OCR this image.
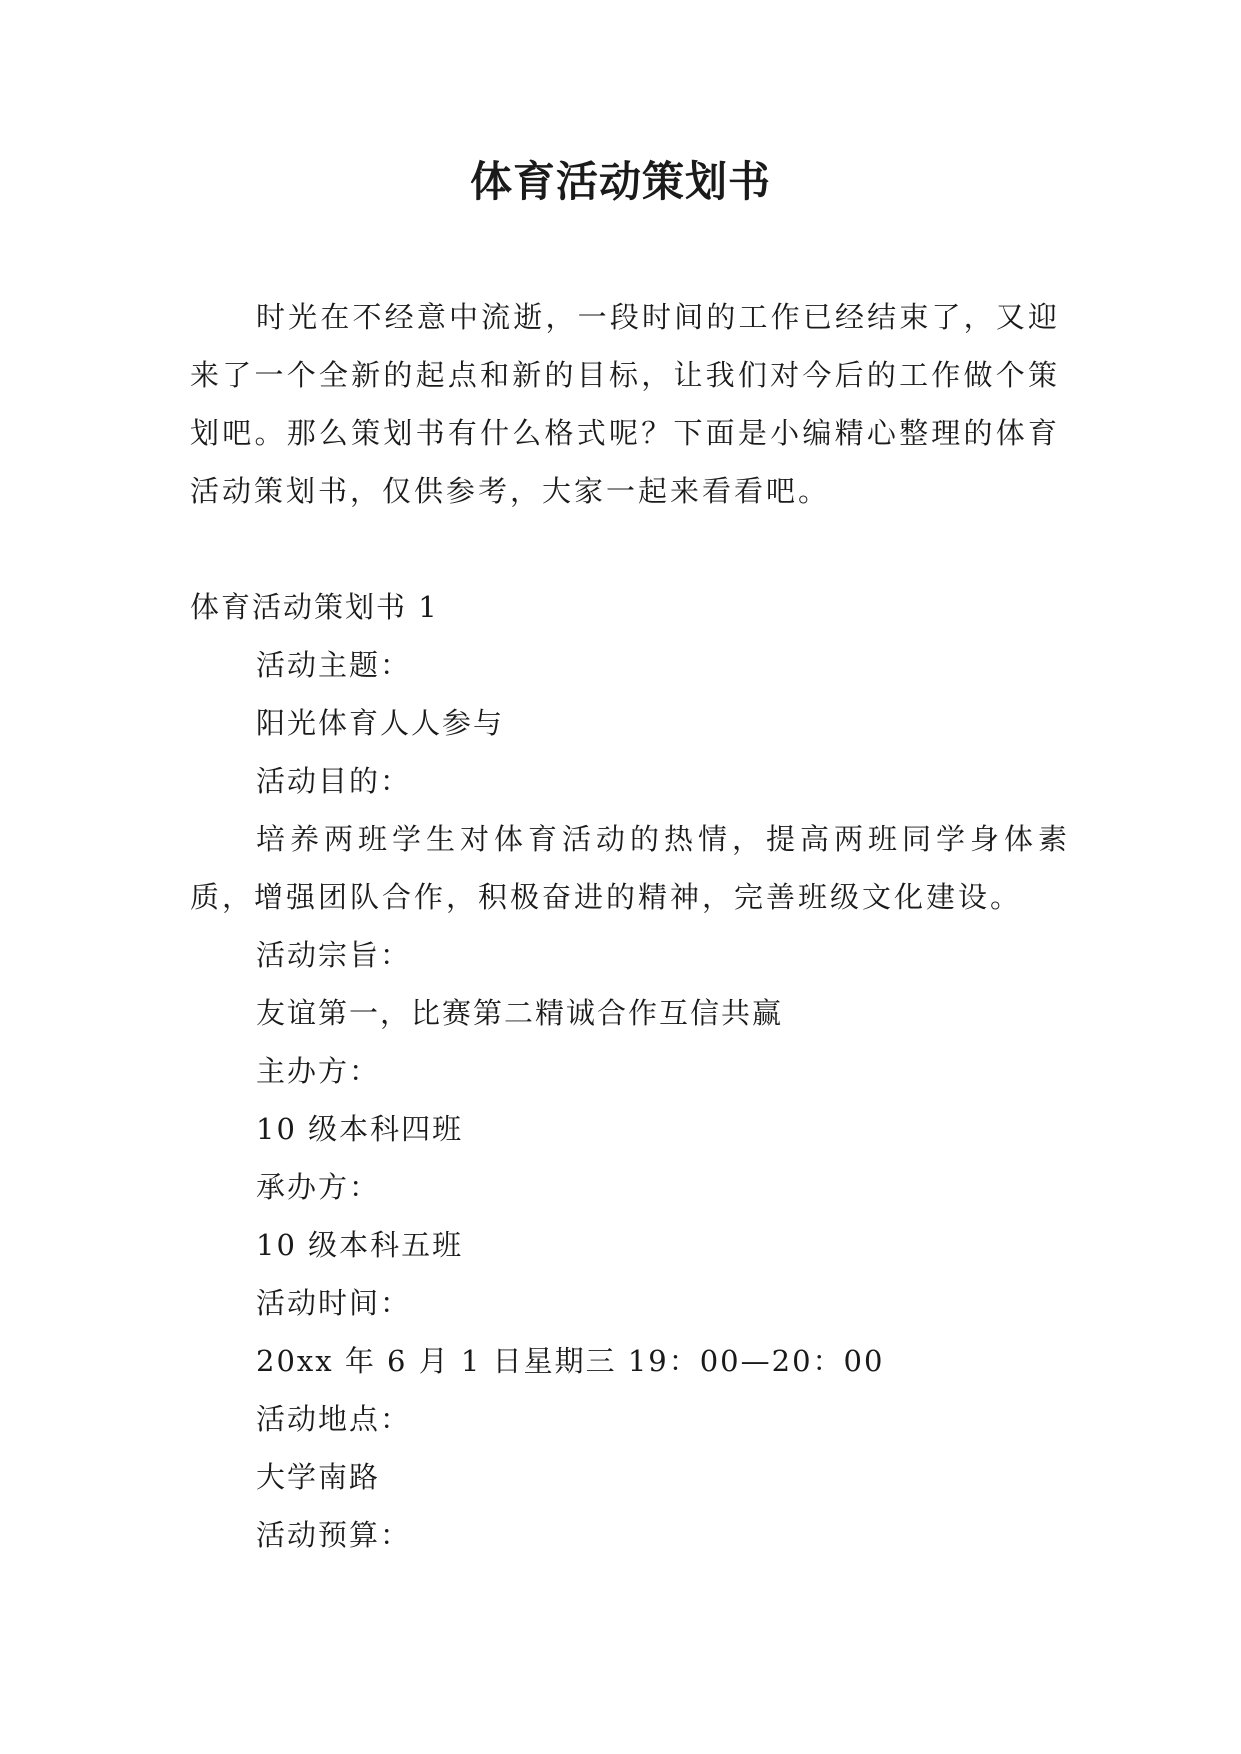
体育活动策划书

时光在不经意中流逝，一段时间的工作已经结束了，又迎来了一个全新的起点和新的目标，让我们对今后的工作做个策划吧。那么策划书有什么格式呢？下面是小编精心整理的体育活动策划书，仅供参考，大家一起来看看吧。

体育活动策划书 1
活动主题：
阳光体育人人参与
活动目的：

培养两班学生对体育活动的热情，提高两班同学身体素质，增强团队合作，积极奋进的精神，完善班级文化建设。

活动宗旨：
友谊第一，比赛第二精诚合作互信共赢
主办方：
10 级本科四班
承办方：
10 级本科五班
活动时间：
20xx 年 6 月 1 日星期三 19：00—20：00
活动地点：
大学南路
活动预算：
